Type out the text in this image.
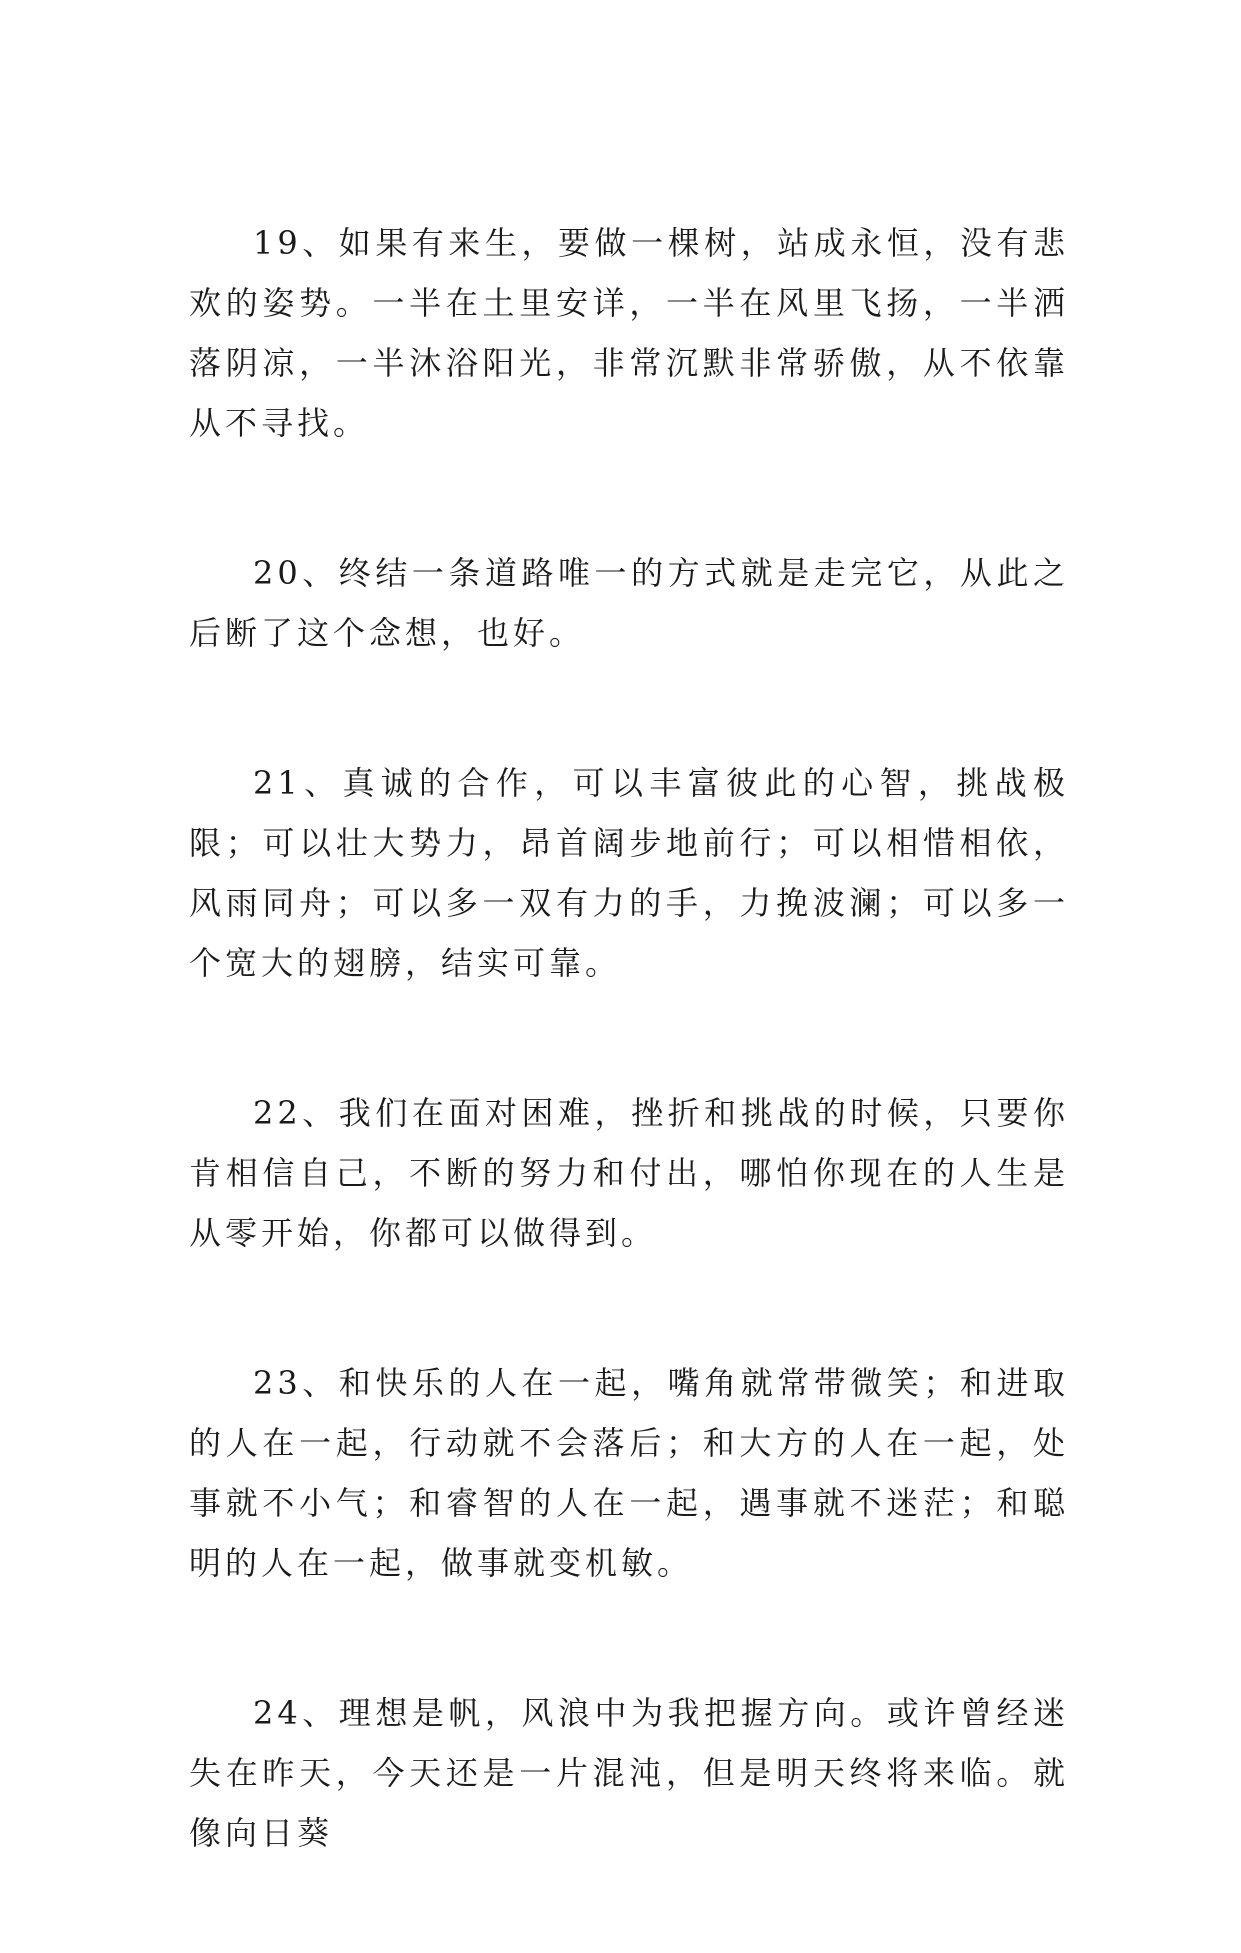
19、如果有来生，要做一棵树，站成永恒，没有悲欢的姿势。一半在土里安详，一半在风里飞扬，一半洒落阴凉，一半沐浴阳光，非常沉默非常骄傲，从不依靠从不寻找。

20、终结一条道路唯一的方式就是走完它，从此之后断了这个念想，也好。

21、真诚的合作，可以丰富彼此的心智，挑战极限；可以壮大势力，昂首阔步地前行；可以相惜相依，风雨同舟；可以多一双有力的手，力挽波澜；可以多一个宽大的翅膀，结实可靠。

22、我们在面对困难，挫折和挑战的时候，只要你肯相信自己，不断的努力和付出，哪怕你现在的人生是从零开始，你都可以做得到。

23、和快乐的人在一起，嘴角就常带微笑；和进取的人在一起，行动就不会落后；和大方的人在一起，处事就不小气；和睿智的人在一起，遇事就不迷茫；和聪明的人在一起，做事就变机敏。

24、理想是帆，风浪中为我把握方向。或许曾经迷失在昨天，今天还是一片混沌，但是明天终将来临。就像向日葵
